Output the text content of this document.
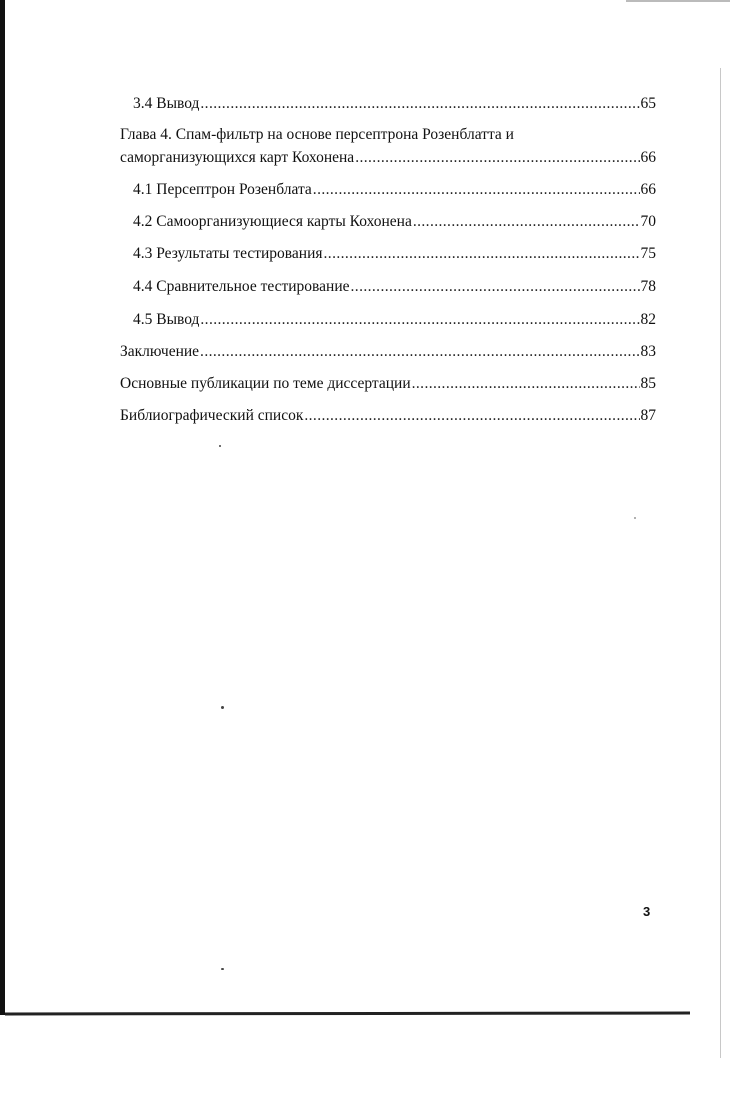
3.4 Вывод .....	65
Глава 4. Спам-фильтр на основе персептрона Розенблатта и
саморганизующихся карт Кохонена .....	66
4.1 Персептрон Розенблата .....	66
4.2 Самоорганизующиеся карты Кохонена .....	70
4.3 Результаты тестирования .....	75
4.4 Сравнительное тестирование .....	78
4.5 Вывод .....	82
Заключение .....	83
Основные публикации по теме диссертации .....	85
Библиографический список .....	87
3
